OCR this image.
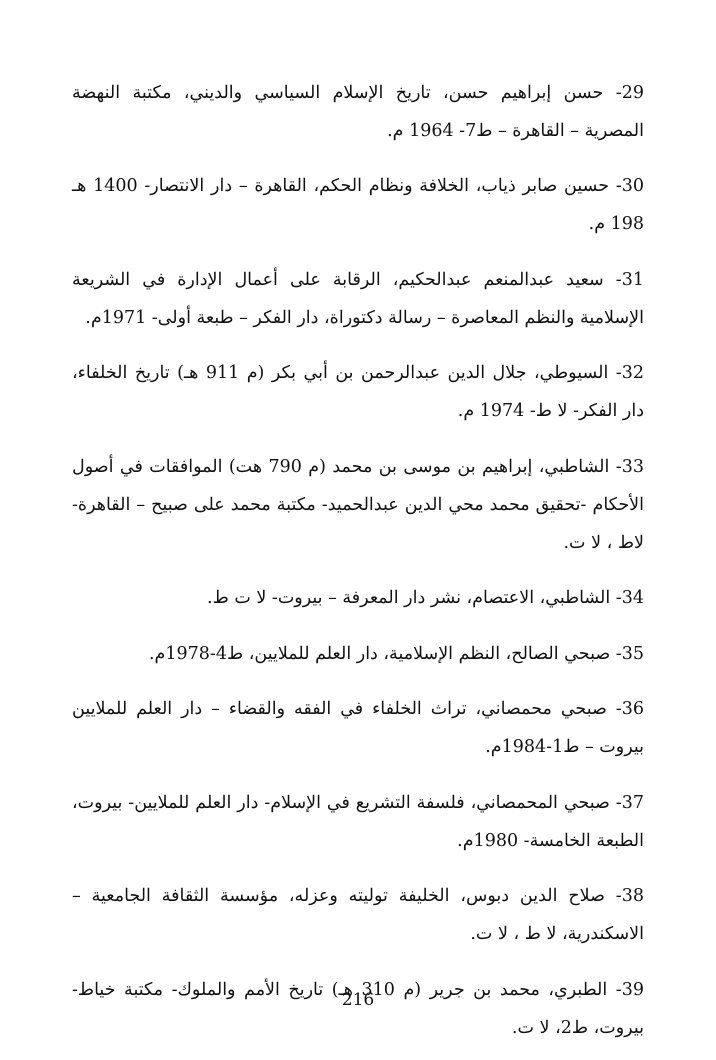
29- حسن إبراهيم حسن، تاريخ الإسلام السياسي والديني، مكتبة النهضة المصرية – القاهرة – ط7- 1964 م.

30- حسين صابر ذياب، الخلافة ونظام الحكم، القاهرة – دار الانتصار- 1400 هـ 198 م.

31- سعيد عبدالمنعم عبدالحكيم، الرقابة على أعمال الإدارة في الشريعة الإسلامية والنظم المعاصرة – رسالة دكتوراة، دار الفكر – طبعة أولى- 1971م.

32- السيوطي، جلال الدين عبدالرحمن بن أبي بكر (م 911 هـ) تاريخ الخلفاء، دار الفكر- لا ط- 1974 م.

33- الشاطبي، إبراهيم بن موسى بن محمد (م 790 هت) الموافقات في أصول الأحكام -تحقيق محمد محي الدين عبدالحميد- مكتبة محمد على صبيح – القاهرة- لاط ، لا ت.

34- الشاطبي، الاعتصام، نشر دار المعرفة – بيروت- لا ت ط.

35- صبحي الصالح، النظم الإسلامية، دار العلم للملايين، ط4-1978م.

36- صبحي محمصاني، تراث الخلفاء في الفقه والقضاء – دار العلم للملايين بيروت – ط1-1984م.

37- صبحي المحمصاني، فلسفة التشريع في الإسلام- دار العلم للملايين- بيروت، الطبعة الخامسة- 1980م.

38- صلاح الدين دبوس، الخليفة توليته وعزله، مؤسسة الثقافة الجامعية – الاسكندرية، لا ط ، لا ت.

39- الطبري، محمد بن جرير (م 310 هـ) تاريخ الأمم والملوك- مكتبة خياط- بيروت، ط2، لا ت.

216
